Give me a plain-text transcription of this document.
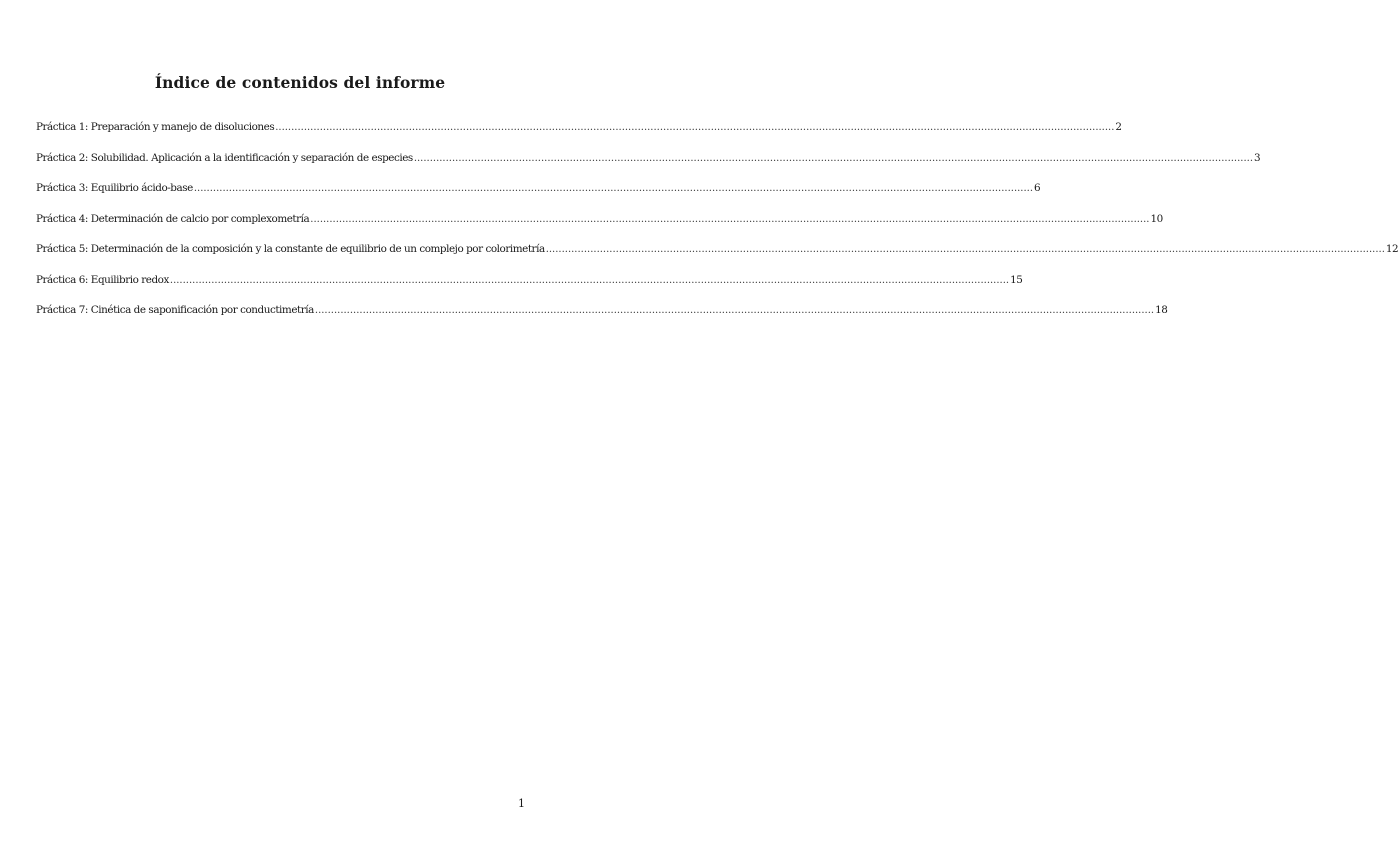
Índice de contenidos del informe
Práctica 1: Preparación y manejo de disoluciones .....	2
Práctica 2: Solubilidad. Aplicación a la identificación y separación de especies .....	3
Práctica 3: Equilibrio ácido-base .....	6
Práctica 4: Determinación de calcio por complexometría .....	10
Práctica 5: Determinación de la composición y la constante de equilibrio de un complejo por colorimetría .....	12
Práctica 6: Equilibrio redox .....	15
Práctica 7: Cinética de saponificación por conductimetría .....	18
1
